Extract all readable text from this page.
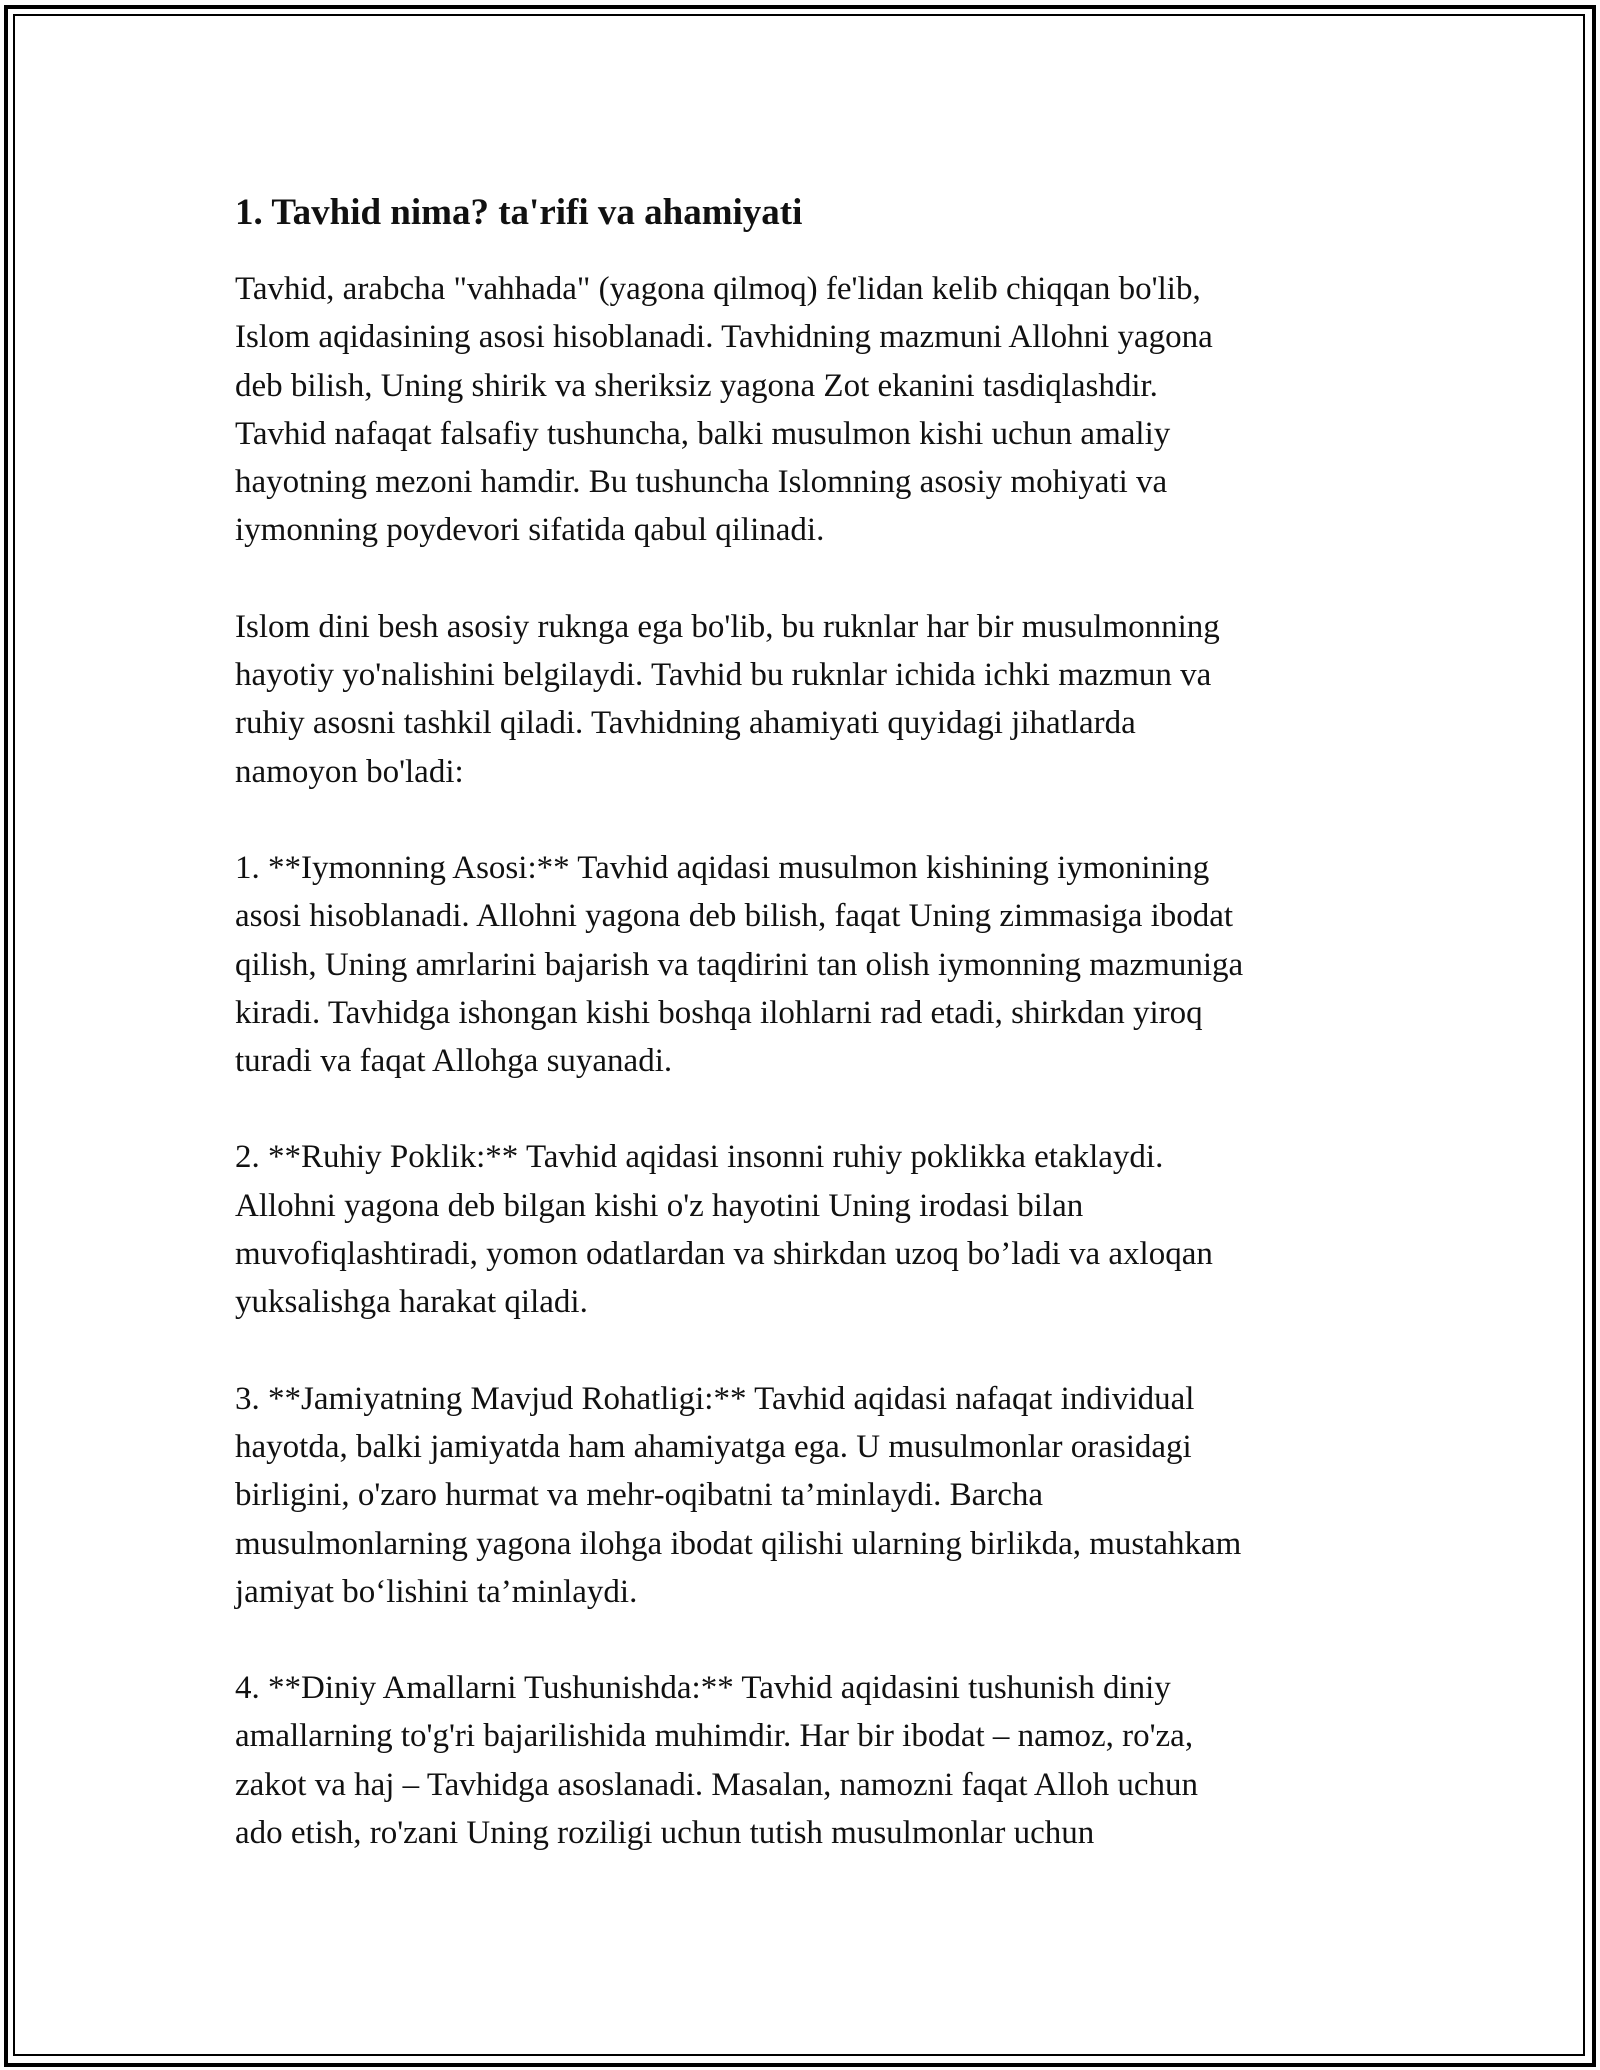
1. Tavhid nima? ta'rifi va ahamiyati

Tavhid, arabcha "vahhada" (yagona qilmoq) fe'lidan kelib chiqqan bo'lib,
Islom aqidasining asosi hisoblanadi. Tavhidning mazmuni Allohni yagona
deb bilish, Uning shirik va sheriksiz yagona Zot ekanini tasdiqlashdir.
Tavhid nafaqat falsafiy tushuncha, balki musulmon kishi uchun amaliy
hayotning mezoni hamdir. Bu tushuncha Islomning asosiy mohiyati va
iymonning poydevori sifatida qabul qilinadi.

Islom dini besh asosiy ruknga ega bo'lib, bu ruknlar har bir musulmonning
hayotiy yo'nalishini belgilaydi. Tavhid bu ruknlar ichida ichki mazmun va
ruhiy asosni tashkil qiladi. Tavhidning ahamiyati quyidagi jihatlarda
namoyon bo'ladi:

1. **Iymonning Asosi:** Tavhid aqidasi musulmon kishining iymonining
asosi hisoblanadi. Allohni yagona deb bilish, faqat Uning zimmasiga ibodat
qilish, Uning amrlarini bajarish va taqdirini tan olish iymonning mazmuniga
kiradi. Tavhidga ishongan kishi boshqa ilohlarni rad etadi, shirkdan yiroq
turadi va faqat Allohga suyanadi.

2. **Ruhiy Poklik:** Tavhid aqidasi insonni ruhiy poklikka etaklaydi.
Allohni yagona deb bilgan kishi o'z hayotini Uning irodasi bilan
muvofiqlashtiradi, yomon odatlardan va shirkdan uzoq bo’ladi va axloqan
yuksalishga harakat qiladi.

3. **Jamiyatning Mavjud Rohatligi:** Tavhid aqidasi nafaqat individual
hayotda, balki jamiyatda ham ahamiyatga ega. U musulmonlar orasidagi
birligini, o'zaro hurmat va mehr-oqibatni ta’minlaydi. Barcha
musulmonlarning yagona ilohga ibodat qilishi ularning birlikda, mustahkam
jamiyat bo‘lishini ta’minlaydi.

4. **Diniy Amallarni Tushunishda:** Tavhid aqidasini tushunish diniy
amallarning to'g'ri bajarilishida muhimdir. Har bir ibodat – namoz, ro'za,
zakot va haj – Tavhidga asoslanadi. Masalan, namozni faqat Alloh uchun
ado etish, ro'zani Uning roziligi uchun tutish musulmonlar uchun
